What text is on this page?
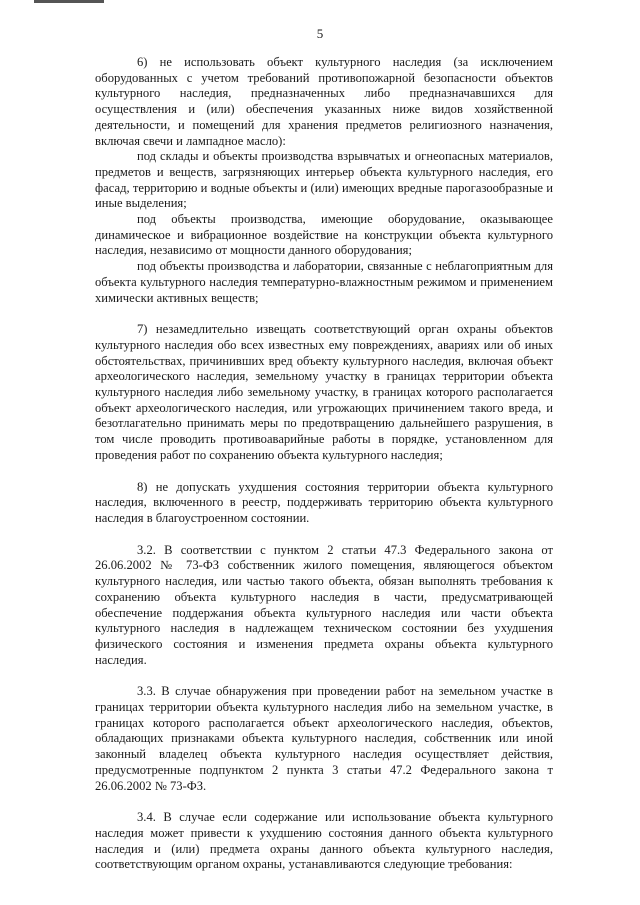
5

6) не использовать объект культурного наследия (за исключением оборудованных с учетом требований противопожарной безопасности объектов культурного наследия, предназначенных либо предназначавшихся для осуществления и (или) обеспечения указанных ниже видов хозяйственной деятельности, и помещений для хранения предметов религиозного назначения, включая свечи и лампадное масло):

под склады и объекты производства взрывчатых и огнеопасных материалов, предметов и веществ, загрязняющих интерьер объекта культурного наследия, его фасад, территорию и водные объекты и (или) имеющих вредные парогазообразные и иные выделения;

под объекты производства, имеющие оборудование, оказывающее динамическое и вибрационное воздействие на конструкции объекта культурного наследия, независимо от мощности данного оборудования;

под объекты производства и лаборатории, связанные с неблагоприятным для объекта культурного наследия температурно-влажностным режимом и применением химически активных веществ;

7) незамедлительно извещать соответствующий орган охраны объектов культурного наследия обо всех известных ему повреждениях, авариях или об иных обстоятельствах, причинивших вред объекту культурного наследия, включая объект археологического наследия, земельному участку в границах территории объекта культурного наследия либо земельному участку, в границах которого располагается объект археологического наследия, или угрожающих причинением такого вреда, и безотлагательно принимать меры по предотвращению дальнейшего разрушения, в том числе проводить противоаварийные работы в порядке, установленном для проведения работ по сохранению объекта культурного наследия;

8) не допускать ухудшения состояния территории объекта культурного наследия, включенного в реестр, поддерживать территорию объекта культурного наследия в благоустроенном состоянии.

3.2. В соответствии с пунктом 2 статьи 47.3 Федерального закона от 26.06.2002 № 73-ФЗ собственник жилого помещения, являющегося объектом культурного наследия, или частью такого объекта, обязан выполнять требования к сохранению объекта культурного наследия в части, предусматривающей обеспечение поддержания объекта культурного наследия или части объекта культурного наследия в надлежащем техническом состоянии без ухудшения физического состояния и изменения предмета охраны объекта культурного наследия.

3.3. В случае обнаружения при проведении работ на земельном участке в границах территории объекта культурного наследия либо на земельном участке, в границах которого располагается объект археологического наследия, объектов, обладающих признаками объекта культурного наследия, собственник или иной законный владелец объекта культурного наследия осуществляет действия, предусмотренные подпунктом 2 пункта 3 статьи 47.2 Федерального закона т 26.06.2002 № 73-ФЗ.

3.4. В случае если содержание или использование объекта культурного наследия может привести к ухудшению состояния данного объекта культурного наследия и (или) предмета охраны данного объекта культурного наследия, соответствующим органом охраны, устанавливаются следующие требования:
